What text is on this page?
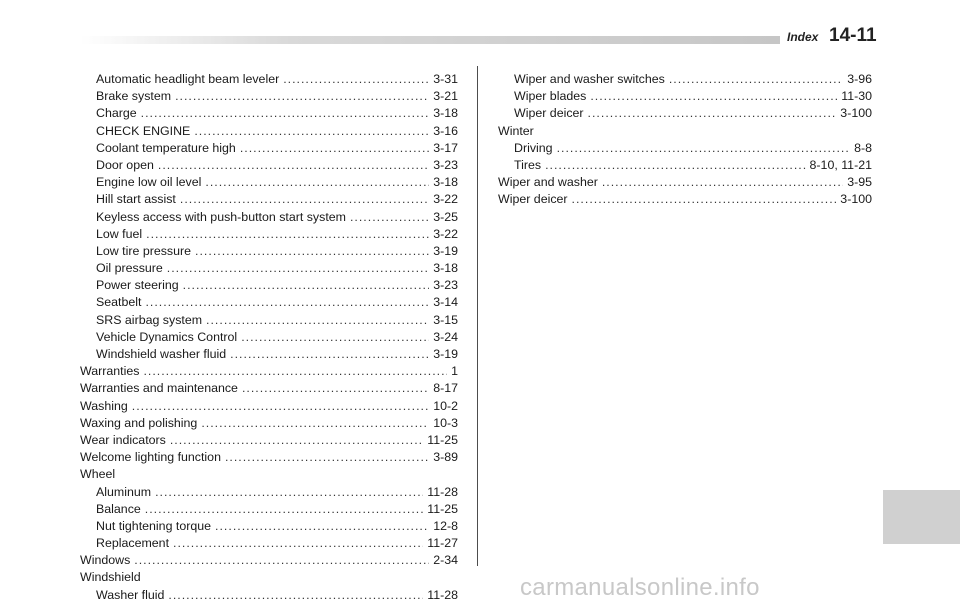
Index 14-11
Automatic headlight beam leveler .....	3-31
Brake system .....	3-21
Charge .....	3-18
CHECK ENGINE .....	3-16
Coolant temperature high .....	3-17
Door open .....	3-23
Engine low oil level .....	3-18
Hill start assist .....	3-22
Keyless access with push-button start system .....	3-25
Low fuel .....	3-22
Low tire pressure .....	3-19
Oil pressure .....	3-18
Power steering .....	3-23
Seatbelt .....	3-14
SRS airbag system .....	3-15
Vehicle Dynamics Control .....	3-24
Windshield washer fluid .....	3-19
Warranties .....	1
Warranties and maintenance .....	8-17
Washing .....	10-2
Waxing and polishing .....	10-3
Wear indicators .....	11-25
Welcome lighting function .....	3-89
Wheel
Aluminum .....	11-28
Balance .....	11-25
Nut tightening torque .....	12-8
Replacement .....	11-27
Windows .....	2-34
Windshield
Washer fluid .....	11-28
Wiper and washer switches .....	3-96
Wiper blades .....	11-30
Wiper deicer .....	3-100
Winter
Driving .....	8-8
Tires .....	8-10, 11-21
Wiper and washer .....	3-95
Wiper deicer .....	3-100
carmanualsonline.info
